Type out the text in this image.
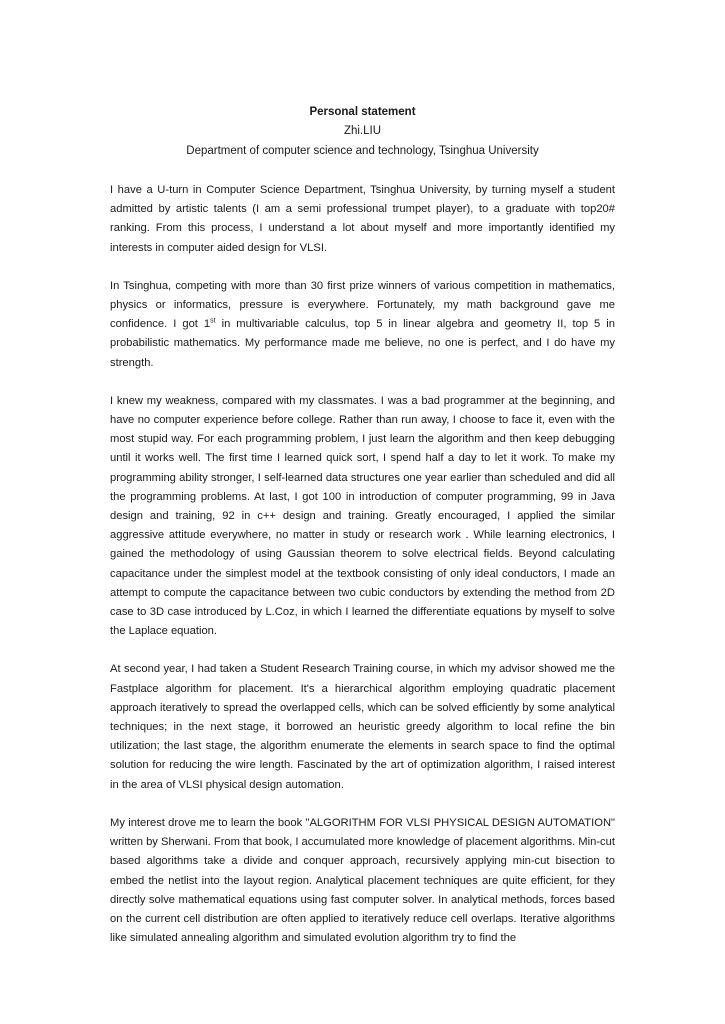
Personal statement

Zhi.LIU

Department of computer science and technology, Tsinghua University

I have a U-turn in Computer Science Department, Tsinghua University, by turning myself a student admitted by artistic talents (I am a semi professional trumpet player), to a graduate with top20# ranking. From this process, I understand a lot about myself and more importantly identified my interests in computer aided design for VLSI.

In Tsinghua, competing with more than 30 first prize winners of various competition in mathematics, physics or informatics, pressure is everywhere. Fortunately, my math background gave me confidence. I got 1st in multivariable calculus, top 5 in linear algebra and geometry II, top 5 in probabilistic mathematics. My performance made me believe, no one is perfect, and I do have my strength.

I knew my weakness, compared with my classmates. I was a bad programmer at the beginning, and have no computer experience before college. Rather than run away, I choose to face it, even with the most stupid way. For each programming problem, I just learn the algorithm and then keep debugging until it works well. The first time I learned quick sort, I spend half a day to let it work. To make my programming ability stronger, I self-learned data structures one year earlier than scheduled and did all the programming problems. At last, I got 100 in introduction of computer programming, 99 in Java design and training, 92 in c++ design and training. Greatly encouraged, I applied the similar aggressive attitude everywhere, no matter in study or research work . While learning electronics, I gained the methodology of using Gaussian theorem to solve electrical fields. Beyond calculating capacitance under the simplest model at the textbook consisting of only ideal conductors, I made an attempt to compute the capacitance between two cubic conductors by extending the method from 2D case to 3D case introduced by L.Coz, in which I learned the differentiate equations by myself to solve the Laplace equation.

At second year, I had taken a Student Research Training course, in which my advisor showed me the Fastplace algorithm for placement. It's a hierarchical algorithm employing quadratic placement approach iteratively to spread the overlapped cells, which can be solved efficiently by some analytical techniques; in the next stage, it borrowed an heuristic greedy algorithm to local refine the bin utilization; the last stage, the algorithm enumerate the elements in search space to find the optimal solution for reducing the wire length. Fascinated by the art of optimization algorithm, I raised interest in the area of VLSI physical design automation.

My interest drove me to learn the book "ALGORITHM FOR VLSI PHYSICAL DESIGN AUTOMATION" written by Sherwani. From that book, I accumulated more knowledge of placement algorithms. Min-cut based algorithms take a divide and conquer approach, recursively applying min-cut bisection to embed the netlist into the layout region. Analytical placement techniques are quite efficient, for they directly solve mathematical equations using fast computer solver. In analytical methods, forces based on the current cell distribution are often applied to iteratively reduce cell overlaps. Iterative algorithms like simulated annealing algorithm and simulated evolution algorithm try to find the
